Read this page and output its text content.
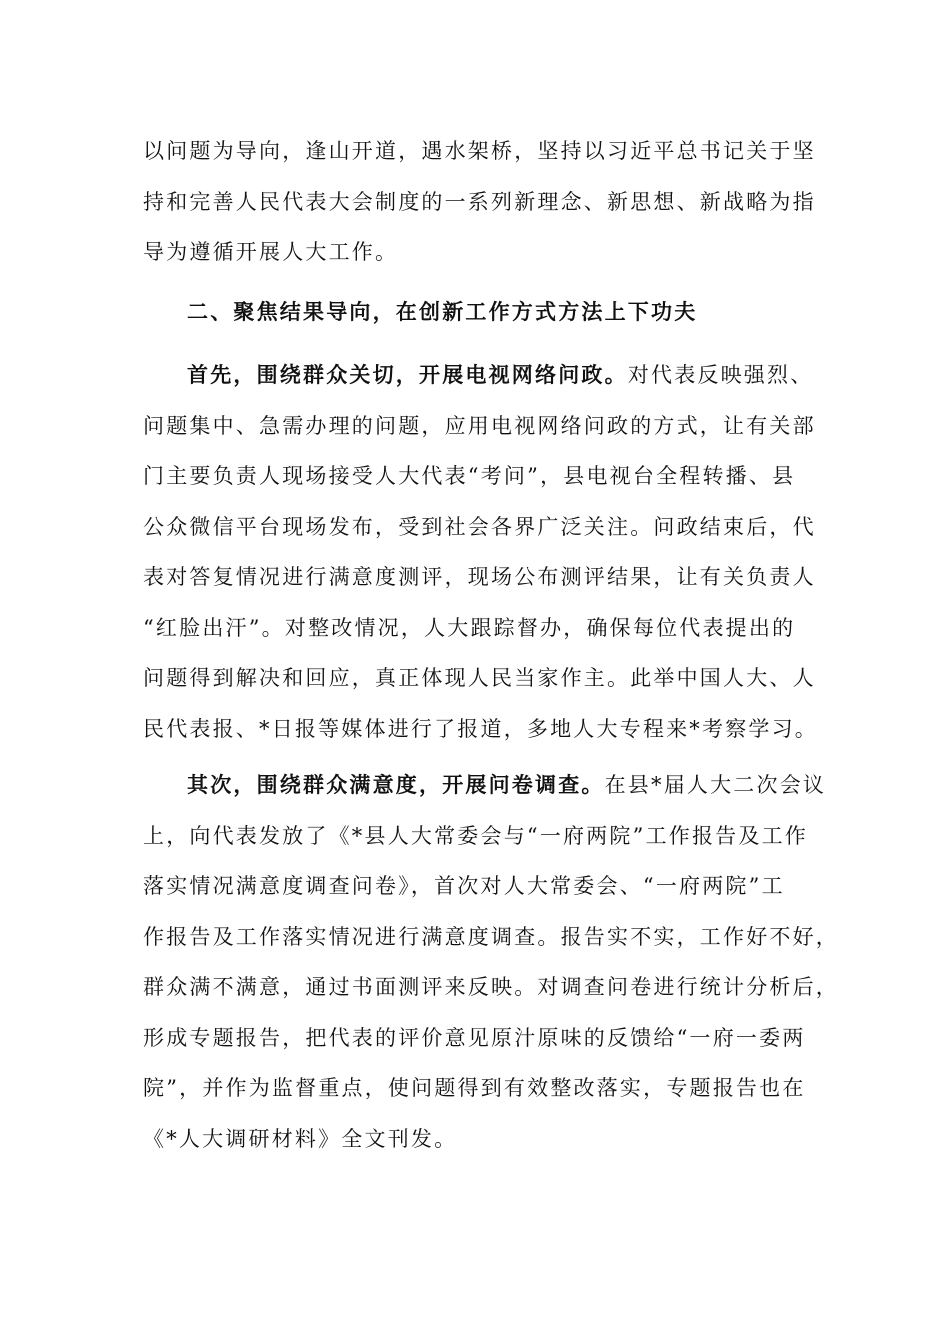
以问题为导向，逢山开道，遇水架桥，坚持以习近平总书记关于坚
持和完善人民代表大会制度的一系列新理念、新思想、新战略为指
导为遵循开展人大工作。
二、聚焦结果导向，在创新工作方式方法上下功夫
首先，围绕群众关切，开展电视网络问政。对代表反映强烈、
问题集中、急需办理的问题，应用电视网络问政的方式，让有关部
门主要负责人现场接受人大代表“考问”，县电视台全程转播、县
公众微信平台现场发布，受到社会各界广泛关注。问政结束后，代
表对答复情况进行满意度测评，现场公布测评结果，让有关负责人
“红脸出汗”。对整改情况，人大跟踪督办，确保每位代表提出的
问题得到解决和回应，真正体现人民当家作主。此举中国人大、人
民代表报、*日报等媒体进行了报道，多地人大专程来*考察学习。
其次，围绕群众满意度，开展问卷调查。在县*届人大二次会议
上，向代表发放了《*县人大常委会与“一府两院”工作报告及工作
落实情况满意度调查问卷》，首次对人大常委会、“一府两院”工
作报告及工作落实情况进行满意度调查。报告实不实，工作好不好，
群众满不满意，通过书面测评来反映。对调查问卷进行统计分析后，
形成专题报告，把代表的评价意见原汁原味的反馈给“一府一委两
院”，并作为监督重点，使问题得到有效整改落实，专题报告也在
《*人大调研材料》全文刊发。
